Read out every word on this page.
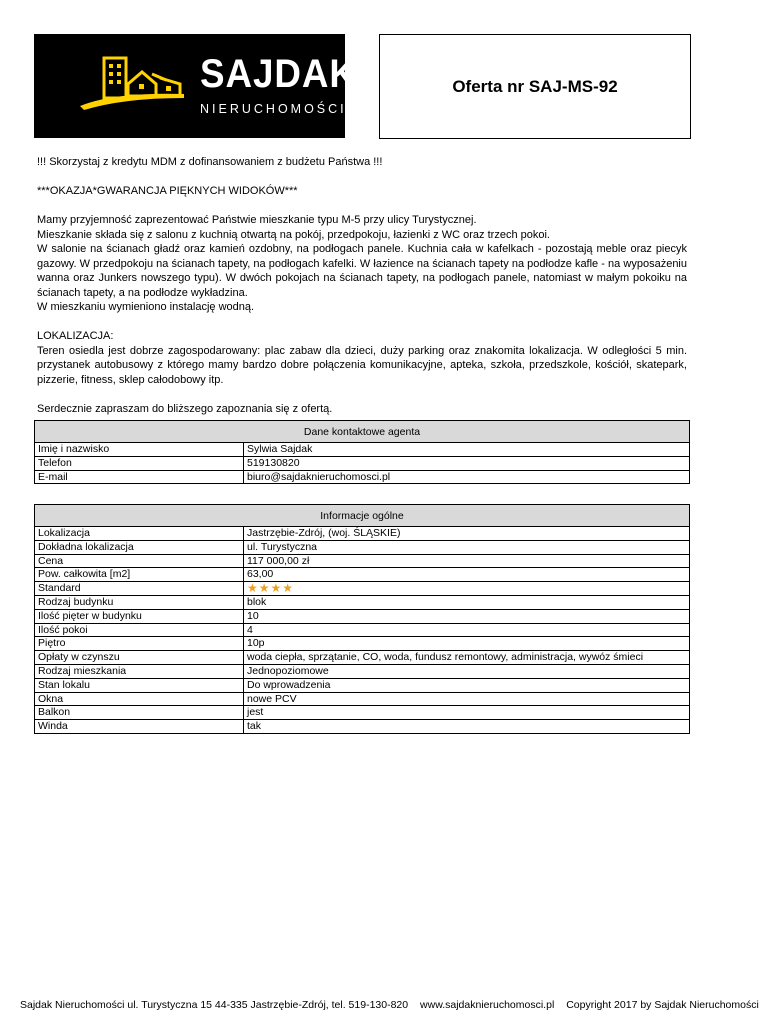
SAJDAK
NIERUCHOMOŚCI
Oferta nr SAJ-MS-92

!!! Skorzystaj z kredytu MDM z dofinansowaniem z budżetu Państwa !!!

***OKAZJA*GWARANCJA PIĘKNYCH WIDOKÓW***

Mamy przyjemność zaprezentować Państwie mieszkanie typu M-5 przy ulicy Turystycznej.
Mieszkanie składa się z salonu z kuchnią otwartą na pokój, przedpokoju, łazienki z WC oraz trzech pokoi.
W salonie na ścianach gładź oraz kamień ozdobny, na podłogach panele. Kuchnia cała w kafelkach - pozostają meble oraz piecyk gazowy. W przedpokoju na ścianach tapety, na podłogach kafelki. W łazience na ścianach tapety na podłodze kafle - na wyposażeniu wanna oraz Junkers nowszego typu). W dwóch pokojach na ścianach tapety, na podłogach panele, natomiast w małym pokoiku na ścianach tapety, a na podłodze wykładzina.
W mieszkaniu wymieniono instalację wodną.

LOKALIZACJA:
Teren osiedla jest dobrze zagospodarowany: plac zabaw dla dzieci, duży parking oraz znakomita lokalizacja. W odległości 5 min. przystanek autobusowy z którego mamy bardzo dobre połączenia komunikacyjne, apteka, szkoła, przedszkole, kościół, skatepark, pizzerie, fitness, sklep całodobowy itp.

Serdecznie zapraszam do bliższego zapoznania się z ofertą.

Dane kontaktowe agenta	
Imię i nazwisko	Sylwia Sajdak
Telefon	519130820
E-mail	biuro@sajdaknieruchomosci.pl
Informacje ogólne	
Lokalizacja	Jastrzębie-Zdrój, (woj. ŚLĄSKIE)
Dokładna lokalizacja	ul. Turystyczna
Cena	117 000,00 zł
Pow. całkowita [m2]	63,00
Standard	★★★★
Rodzaj budynku	blok
Ilość pięter w budynku	10
Ilość pokoi	4
Piętro	10p
Opłaty w czynszu	woda ciepła, sprzątanie, CO, woda, fundusz remontowy, administracja, wywóz śmieci
Rodzaj mieszkania	Jednopoziomowe
Stan lokalu	Do wprowadzenia
Okna	nowe PCV
Balkon	jest
Winda	tak
Sajdak Nieruchomości ul. Turystyczna 15 44-335 Jastrzębie-Zdrój, tel. 519-130-820 www.sajdaknieruchomosci.pl Copyright 2017 by Sajdak Nieruchomości
